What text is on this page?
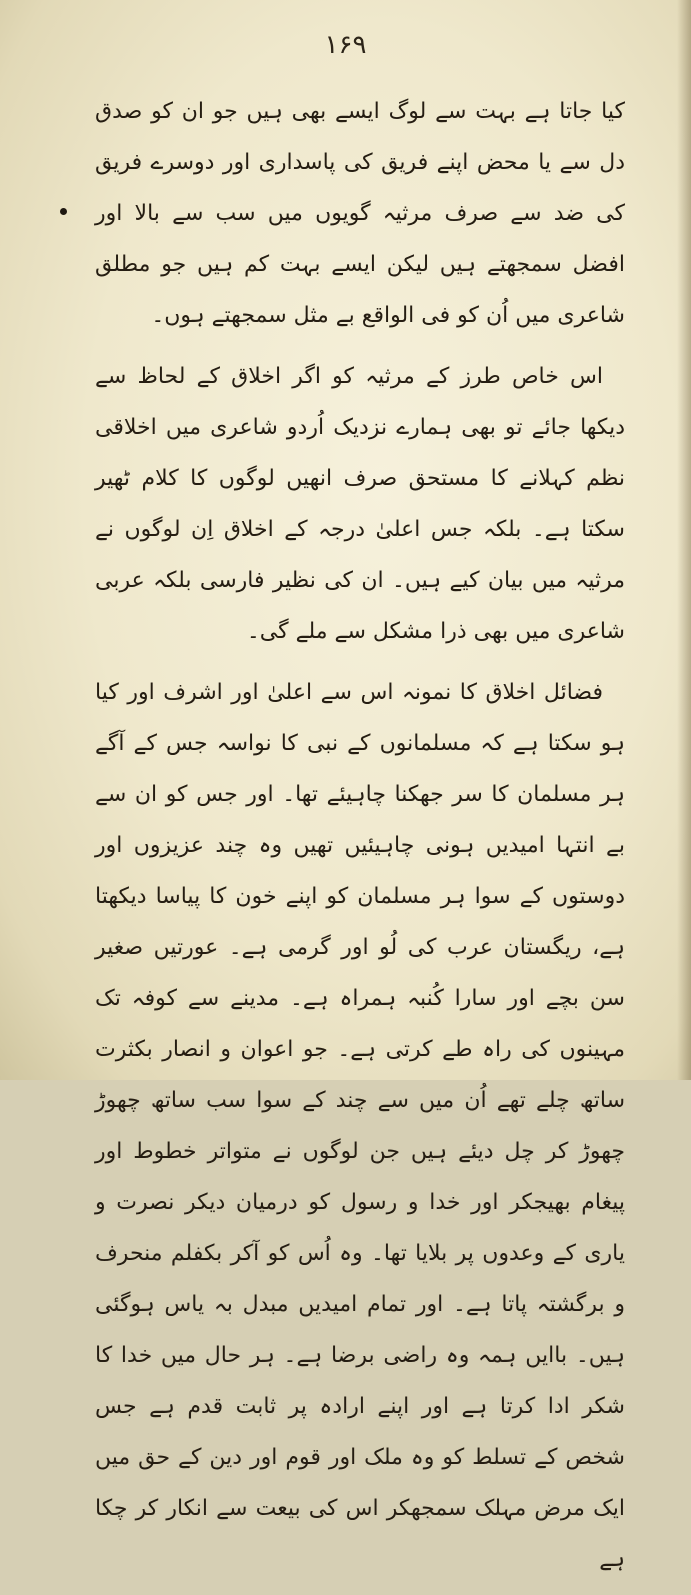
۱۶۹

کیا جاتا ہے بہت سے لوگ ایسے بھی ہیں جو ان کو صدق دل سے یا محض اپنے فریق کی پاسداری اور دوسرے فریق کی ضد سے صرف مرثیہ گویوں میں سب سے بالا اور افضل سمجھتے ہیں لیکن ایسے بہت کم ہیں جو مطلق شاعری میں اُن کو فی الواقع بے مثل سمجھتے ہوں۔

اس خاص طرز کے مرثیہ کو اگر اخلاق کے لحاظ سے دیکھا جائے تو بھی ہمارے نزدیک اُردو شاعری میں اخلاقی نظم کہلانے کا مستحق صرف انھیں لوگوں کا کلام ٹھیر سکتا ہے۔ بلکہ جس اعلیٰ درجہ کے اخلاق اِن لوگوں نے مرثیہ میں بیان کیے ہیں۔ ان کی نظیر فارسی بلکہ عربی شاعری میں بھی ذرا مشکل سے ملے گی۔

فضائل اخلاق کا نمونہ اس سے اعلیٰ اور اشرف اور کیا ہو سکتا ہے کہ مسلمانوں کے نبی کا نواسہ جس کے آگے ہر مسلمان کا سر جھکنا چاہیئے تھا۔ اور جس کو ان سے بے انتہا امیدیں ہونی چاہیئیں تھیں وہ چند عزیزوں اور دوستوں کے سوا ہر مسلمان کو اپنے خون کا پیاسا دیکھتا ہے، ریگستان عرب کی لُو اور گرمی ہے۔ عورتیں صغیر سن بچے اور سارا کُنبہ ہمراہ ہے۔ مدینے سے کوفہ تک مہینوں کی راہ طے کرتی ہے۔ جو اعوان و انصار بکثرت ساتھ چلے تھے اُن میں سے چند کے سوا سب ساتھ چھوڑ چھوڑ کر چل دیئے ہیں جن لوگوں نے متواتر خطوط اور پیغام بھیجکر اور خدا و رسول کو درمیان دیکر نصرت و یاری کے وعدوں پر بلایا تھا۔ وہ اُس کو آکر بکفلم منحرف و برگشتہ پاتا ہے۔ اور تمام امیدیں مبدل بہ یاس ہوگئی ہیں۔ باایں ہمہ وہ راضی برضا ہے۔ ہر حال میں خدا کا شکر ادا کرتا ہے اور اپنے ارادہ پر ثابت قدم ہے جس شخص کے تسلط کو وہ ملک اور قوم اور دین کے حق میں ایک مرض مہلک سمجھکر اس کی بیعت سے انکار کر چکا ہے
